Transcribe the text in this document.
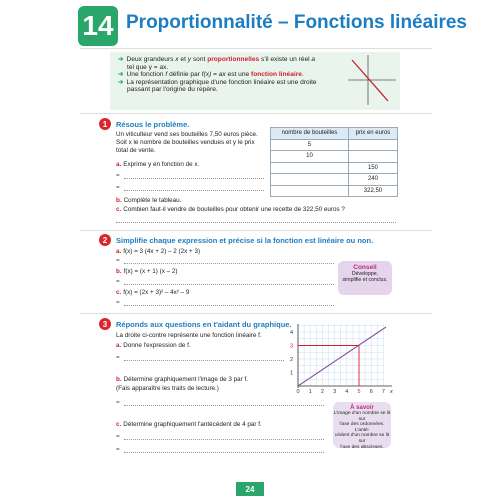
14 Proportionnalité – Fonctions linéaires
➔ Deux grandeurs x et y sont proportionnelles s'il existe un réel a
tel que y = ax.
➔ Une fonction f définie par f(x) = ax est une fonction linéaire.
➔ La représentation graphique d'une fonction linéaire est une droite
passant par l'origine du repère.
1	Résous le problème.
Un viticulteur vend ses bouteilles 7,50 euros pièce.
Soit x le nombre de bouteilles vendues et y le prix
total de vente.
a. Exprime y en fonction de x.
=
=
b. Complète le tableau.
c. Combien faut-il vendre de bouteilles pour obtenir une recette de 322,50 euros ?
nombre de bouteilles	prix en euros
5	
10	
	150
	240
	322,50
2	Simplifie chaque expression et précise si la fonction est linéaire ou non.
a. f(x) = 3 (4x + 2) – 2 (2x + 3)
=
b. f(x) = (x + 1) (x – 2)
=
c. f(x) = (2x + 3)² – 4x² – 9
=
Conseil
Développe,
simplifie et conclus.
3	Réponds aux questions en t'aidant du graphique.
La droite ci-contre représente une fonction linéaire f.
a. Donne l'expression de f.
=
b. Détermine graphiquement l'image de 3 par f.
(Fais apparaître les traits de lecture.)
=
c. Détermine graphiquement l'antécédent de 4 par f.
=
=
0 1 2 3 4 5 6 7
1
2
3
4
x
À savoir
L'image d'un nombre se lit sur
l'axe des ordonnées. L'anté-
cédent d'un nombre se lit sur
l'axe des abscisses.
24
